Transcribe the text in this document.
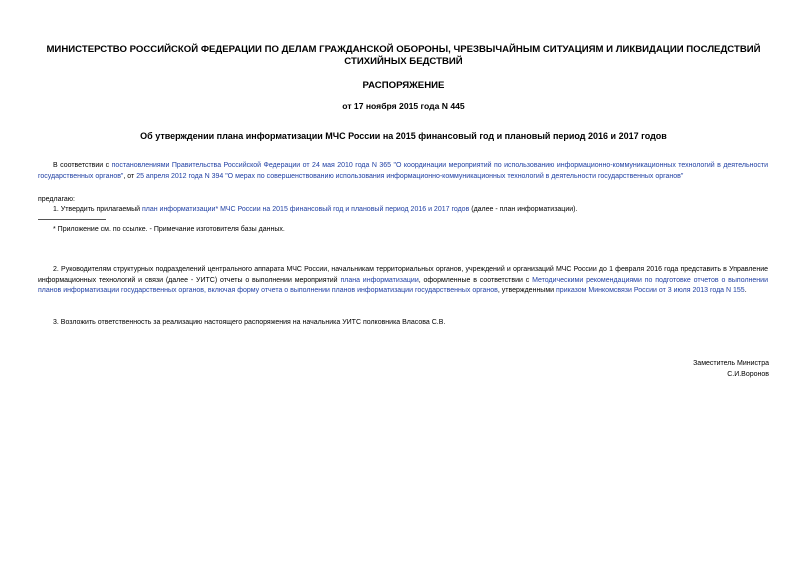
МИНИСТЕРСТВО РОССИЙСКОЙ ФЕДЕРАЦИИ ПО ДЕЛАМ ГРАЖДАНСКОЙ ОБОРОНЫ, ЧРЕЗВЫЧАЙНЫМ СИТУАЦИЯМ И ЛИКВИДАЦИИ ПОСЛЕДСТВИЙ СТИХИЙНЫХ БЕДСТВИЙ
РАСПОРЯЖЕНИЕ
от 17 ноября 2015 года N 445
Об утверждении плана информатизации МЧС России на 2015 финансовый год и плановый период 2016 и 2017 годов
В соответствии с постановлениями Правительства Российской Федерации от 24 мая 2010 года N 365 "О координации мероприятий по использованию информационно-коммуникационных технологий в деятельности государственных органов", от 25 апреля 2012 года N 394 "О мерах по совершенствованию использования информационно-коммуникационных технологий в деятельности государственных органов"
предлагаю:
1. Утвердить прилагаемый план информатизации* МЧС России на 2015 финансовый год и плановый период 2016 и 2017 годов (далее - план информатизации).
* Приложение см. по ссылке. - Примечание изготовителя базы данных.
2. Руководителям структурных подразделений центрального аппарата МЧС России, начальникам территориальных органов, учреждений и организаций МЧС России до 1 февраля 2016 года представить в Управление информационных технологий и связи (далее - УИТС) отчеты о выполнении мероприятий плана информатизации, оформленные в соответствии с Методическими рекомендациями по подготовке отчетов о выполнении планов информатизации государственных органов, включая форму отчета о выполнении планов информатизации государственных органов, утвержденными приказом Минкомсвязи России от 3 июля 2013 года N 155.
3. Возложить ответственность за реализацию настоящего распоряжения на начальника УИТС полковника Власова С.В.
Заместитель Министра
С.И.Воронов
